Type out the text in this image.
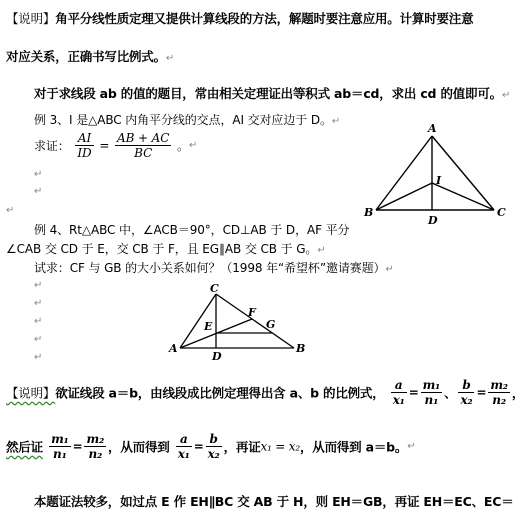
【说明】角平分线性质定理又提供计算线段的方法，解题时要注意应用。计算时要注意
对应关系，正确书写比例式。↵
对于求线段 ab 的值的题目，常由相关定理证出等积式 ab＝cd，求出 cd 的值即可。↵
例 3、I 是△ABC 内角平分线的交点，AI 交对应边于 D。↵
求证： $\frac{AI}{ID} = \frac{AB + AC}{BC}$ 。↵
↵
↵
↵
A
B	C
D
I
例 4、Rt△ABC 中，∠ACB＝90°，CD⊥AB 于 D，AF 平分
∠CAB 交 CD 于 E，交 CB 于 F，且 EG∥AB 交 CB 于 G。↵
试求：CF 与 GB 的大小关系如何？（1998 年“希望杯”邀请赛题）↵
↵
↵
↵
↵
↵
C
A	B
D
E
F
G
【说明】欲证线段 a＝b，由线段成比例定理得出含 a、b 的比例式， $\frac{a}{\text{x₁}} = \frac{\text{m₁}}{\text{n₁}}$ 、 $\frac{b}{\text{x₂}} = \frac{\text{m₂}}{\text{n₂}}$ ，
然后证 $\frac{\text{m₁}}{\text{n₁}} = \frac{\text{m₂}}{\text{n₂}}$ ，从而得到 $\frac{a}{\text{x₁}} = \frac{b}{\text{x₂}}$ ，再证x₁ = x₂，从而得到 a＝b。↵
本题证法较多，如过点 E 作 EH∥BC 交 AB 于 H，则 EH＝GB，再证 EH＝EC、EC＝
